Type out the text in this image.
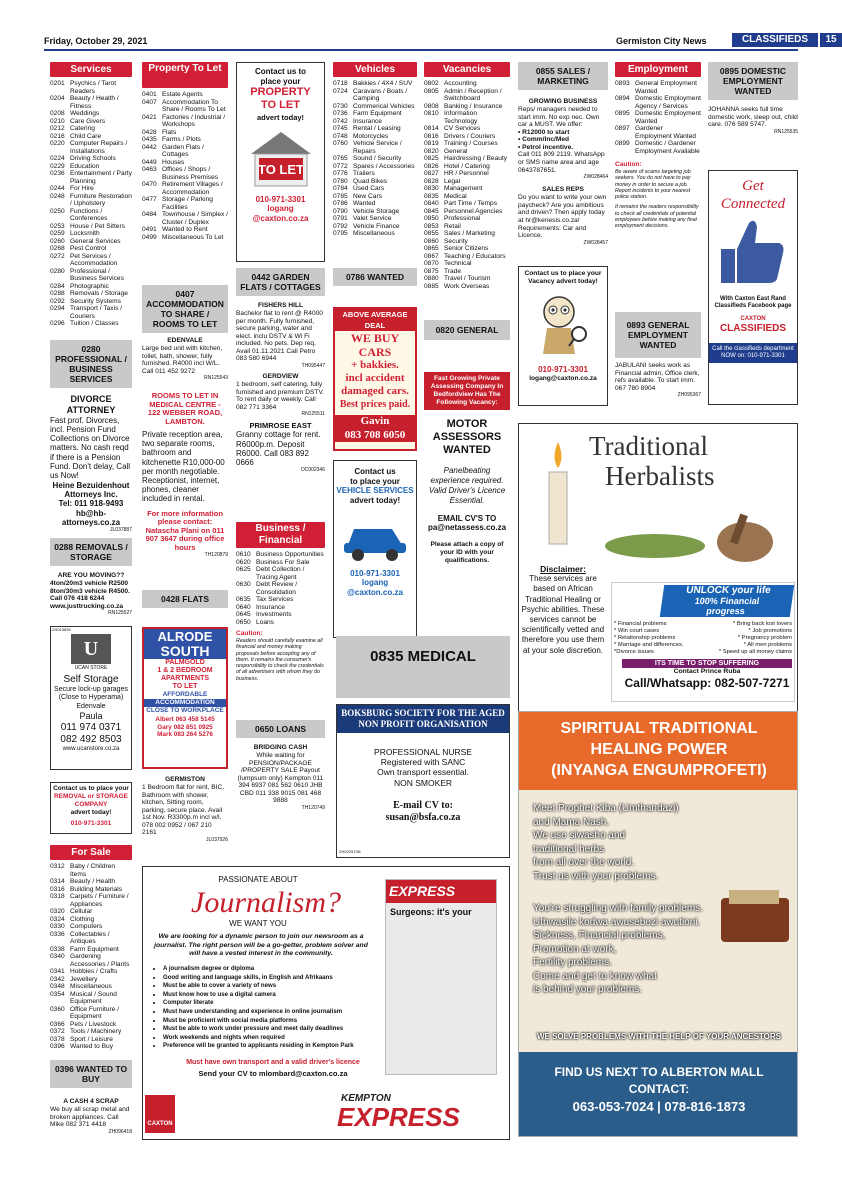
Friday, October 29, 2021	Germiston City News	CLASSIFIEDS	15
Services
0201 Psychics / Tarot Readers
0204 Beauty / Health / Fitness
0208 Weddings
0210 Care Givers
0212 Catering
0216 Child Care
0220 Computer Repairs / Installations
0224 Driving Schools
0229 Education
0236 Entertainment / Party Planning
0244 For Hire
0248 Furniture Restoration / Upholstery
0250 Functions / Conferences
0253 House / Pet Sitters
0259 Locksmith
0260 General Services
0268 Pest Control
0272 Pet Services / Accommodation
0280 Professional / Business Services
0284 Photographic
0288 Removals / Storage
0292 Security Systems
0294 Transport / Taxis / Couriers
0296 Tuition / Classes
0280 PROFESSIONAL / BUSINESS SERVICES
DIVORCE ATTORNEY
Fast prof. Divorces, incl. Pension Fund Collections on Divorce matters. No cash reqd if there is a Pension Fund. Don't delay, Call us Now!
Heine Bezuidenhout Attorneys Inc.
Tel: 011 918-9493
hb@hb-attorneys.co.za
JL037887
0288 REMOVALS / STORAGE
ARE YOU MOVING??
4ton/20m3 vehicle R2500 8ton/30m3 vehicle R4500. Call 076 418 6244 www.justtrucking.co.za
RN125527
ZH013839
U
UCAN STORE
Self Storage
Secure lock-up garages (Close to Hyperama)
Edenvale
Paula
011 974 0371
082 492 8503
www.ucanstore.co.za
Contact us to place your
REMOVAL or STORAGE COMPANY
advert today!
010-971-3301
For Sale
0312 Baby / Children Items
0314 Beauty / Health
0316 Building Materials
0318 Carpets / Furniture / Appliances
0320 Cellular
0324 Clothing
0330 Computers
0336 Collectables / Antiques
0338 Farm Equipment
0340 Gardening Accessories / Plants
0341 Hobbies / Crafts
0342 Jewellery
0348 Miscellaneous
0354 Musical / Sound Equipment
0360 Office Furniture / Equipment
0366 Pets / Livestock
0372 Tools / Machinery
0378 Sport / Leisure
0396 Wanted to Buy
0396 WANTED TO BUY
A CASH 4 SCRAP
We buy all scrap metal and broken appliances. Call Mike 082 371 4418
ZH096418
Property To Let
0401 Estate Agents
0407 Accommodation To Share / Rooms To Let
0421 Factories / Industrial / Workshops
0428 Flats
0435 Farms / Plots
0442 Garden Flats / Cottages
0449 Houses
0463 Offices / Shops / Business Premises
0470 Retirement Villages / Accommodation
0477 Storage / Parking Facilities
0484 Townhouse / Simplex / Cluster / Duplex
0491 Wanted to Rent
0499 Miscellaneous To Let
0407 ACCOMMODATION TO SHARE / ROOMS TO LET
EDENVALE
Large bed unit with kitchen, toilet, bath, shower, fully furnished. R4000 incl W/L. Call 011 452 9272
RN125543
ROOMS TO LET IN MEDICAL CENTRE - 122 WEBBER ROAD, LAMBTON.
Private reception area, two separate rooms, bathroom and kitchenette R10,000-00 per month negotiable. Receptionist, internet, phones, cleaner included in rental.
For more information please contact: Natascha Plani on 011 907 3647 during office hours
TH120879
0428 FLATS
ALRODE
SOUTH
PALMGOLD
1 & 2 BEDROOM
APARTMENTS
TO LET
AFFORDABLE
ACCOMMODATION
CLOSE TO WORKPLACE
Albert 063 458 5145
Gary 082 851 0925
Mark 083 264 5276
GERMISTON
1 Bedroom flat for rent, BIC, Bathroom with shower, kitchen, Sitting room, parking, secure place. Avail 1st Nov. R3300p.m incl w/l. 078 002 0952 / 067 210 2161
JL037926
Contact us to
place your
PROPERTY
TO LET
advert today!
TO LET
010-971-3301
logang
@caxton.co.za
0442 GARDEN FLATS / COTTAGES
FISHERS HILL
Bachelor flat to rent @ R4000 per month. Fully furnished, secure parking, water and elect. inclu DSTV & Wi Fi included. No pets. Dep req. Avail 01.11.2021 Call Petro 083 580 6944
TH095447
GERDVIEW
1 bedroom, self catering, fully furnished and premium DSTV. To rent daily or weekly. Call 082 771 3364
RN125511
PRIMROSE EAST
Granny cottage for rent. R6000p.m. Deposit R6000. Call 083 892 0666
OC002346
Business / Financial
0610 Business Opportunities
0620 Business For Sale
0625 Debt Collection / Tracing Agent
0630 Debt Review / Consolidation
0635 Tax Services
0640 Insurance
0645 Investments
0650 Loans
Caution:
Readers should carefully examine all financial and money making proposals before accepting any of them. It remains the consumer's responsibility to check the credentials of all advertisers with whom they do business.
0650 LOANS
BRIDGING CASH
While waiting for PENSION/PACKAGE /PROPERTY SALE Payout (lumpsum only) Kempton 011 394 6937 081 562 0610 JHB CBD 011 338 9015 081 468 9888
TH120749
Vehicles
0718 Bakkies / 4X4 / SUV
0724 Caravans / Boats / Camping
0730 Commerical Vehicles
0736 Farm Equipment
0742 Insurance
0745 Rental / Leasing
0748 Motorcycles
0760 Vehicle Service / Repairs
0765 Sound / Security
0772 Spares / Accessories
0776 Trailers
0780 Quad Bikes
0784 Used Cars
0785 New Cars
0786 Wanted
0790 Vehicle Storage
0791 Valet Service
0792 Vehicle Finance
0795 Miscellaneous
0786 WANTED
ABOVE AVERAGE DEAL
WE BUY CARS
+ bakkies.
incl accident
damaged cars.
Best prices paid.
Gavin
083 708 6050
Contact us
to place your
VEHICLE SERVICES
advert today!
010-971-3301
logang
@caxton.co.za
Vacancies
0802 Accounting
0805 Admin / Reception / Switchboard
0808 Banking / Insurance
0810 Information Technology
0814 CV Services
0816 Drivers / Couriers
0819 Training / Courses
0820 General
0825 Hairdressing / Beauty
0826 Hotel / Catering
0827 HR / Personnel
0828 Legal
0830 Management
0835 Medical
0840 Part Time / Temps
0845 Personnel Agencies
0850 Professional
0853 Retail
0855 Sales / Marketing
0860 Security
0865 Senior Citizens
0867 Teaching / Educators
0870 Technical
0875 Trade
0880 Travel / Tourism
0885 Work Overseas
0820 GENERAL
Fast Growing Private Assessing Company In Bedfordview Has The Following Vacancy:
MOTOR
ASSESSORS
WANTED
Panelbeating experience required. Valid Driver's Licence Essential.
EMAIL CV'S TO
pa@netassess.co.za
Please attach a copy of your ID with your qualifications.
0835 MEDICAL
BOKSBURG SOCIETY FOR THE AGED NON PROFIT ORGANISATION
PROFESSIONAL NURSE
Registered with SANC
Own transport essential.
NON SMOKER
E-mail CV to:
susan@bsfa.co.za
ZH022570N
0855 SALES / MARKETING
GROWING BUSINESS
Reps/ managers needed to start imm. No exp nec. Own car a MUST. We offer:
• R12000 to start
• Comm/Inc/Med
• Petrol incentive.
Call 011 809 2119. WhatsApp or SMS name area and age 0643787651.
ZW028464
SALES REPS
Do you want to write your own paycheck? Are you ambitious and driven? Then apply today at hr@kenesis.co.za! Requirements: Car and Licence.
ZW028457
Contact us to place your Vacancy advert today!
010-971-3301
logang@caxton.co.za
Employment
0893 General Employment Wanted
0894 Domestic Employment Agency / Services
0895 Domestic Employment Wanted
0897 Gardener Employment Wanted
0899 Domestic / Gardener Employment Available
Caution:
Be aware of scams targeting job seekers. You do not have to pay money in order to secure a job. Report incidents to your nearest police station.
It remains the readers responsibility to check all credentials of potential employees before making any final employment decisions.
0893 GENERAL EMPLOYMENT WANTED
JABULANI seeks work as Financial admin, Office clerk, refs available. To start imm. 067 780 8904
ZH095367
0895 DOMESTIC EMPLOYMENT WANTED
JOHANNA seeks full time domestic work, sleep out, child care. 076 589 5747.
RN125535
Get
Connected
With Caxton East Rand Classifieds Facebook page
CAXTON
CLASSIFIEDS
Call the classifieds department NOW on: 010-971-3301
Traditional
Herbalists
Disclaimer:
These services are based on African Traditional Healing or Psychic abilities. These services cannot be scientifically vetted and therefore you use them at your sole discretion.
UNLOCK your life
100% Financial
progress
* Financial problems
* Win court cases
* Relationship problems
* Marriage and differences.
*Divorce issues
* Bring back lost lovers
* Job promotions
* Pregnancy problem
* All men problems
* Speed up all money claims
ITS TIME TO STOP SUFFERING
Contact Prince Ruba
Call/Whatsapp: 082-507-7271
SPIRITUAL TRADITIONAL
HEALING POWER
(INYANGA ENGUMPROFETI)
Meet Prophet Kiba (Umthandazi)
and Mama Nash.
We use siwasho and
traditional herbs
from all over the world.
Trust us with your problems.
You're struggling with family problems.
Uthwasile kodwa awusebezi awutioni.
Sickness, Financial problems,
Promotion at work,
Fertility problems.
Come and get to know what
is behind your problems.
WE SOLVE PROBLEMS WITH THE HELP OF YOUR ANCESTORS
FIND US NEXT TO ALBERTON MALL
CONTACT:
063-053-7024 | 078-816-1873
PASSIONATE ABOUT
Journalism?
WE WANT YOU
We are looking for a dynamic person to join our newsroom as a journalist. The right person will be a go-getter, problem solver and will have a vested interest in the community.
• A journalism degree or diploma
• Good writing and language skills, in English and Afrikaans
• Must be able to cover a variety of news
• Must know how to use a digital camera
• Computer literate
• Must have understanding and experience in online journalism
• Must be proficient with social media platforms
• Must be able to work under pressure and meet daily deadlines
• Work weekends and nights when required
• Preference will be granted to applicants residing in Kempton Park
Must have own transport and a valid driver's licence
Send your CV to mlombard@caxton.co.za
EXPRESS
Surgeons: it's your
CAXTON
KEMPTON
EXPRESS
